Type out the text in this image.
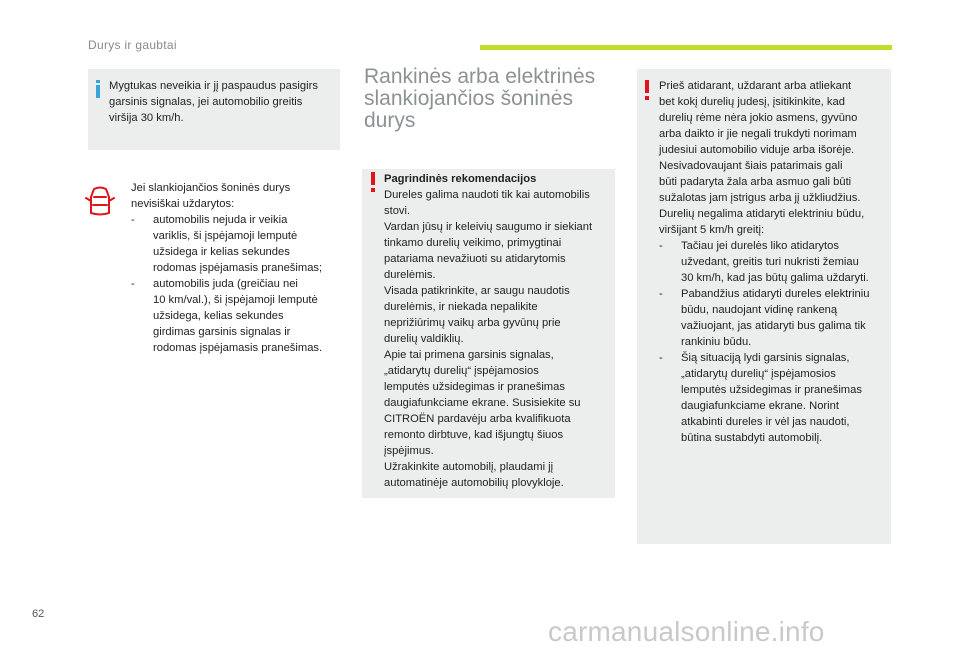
Durys ir gaubtai

Mygtukas neveikia ir jį paspaudus pasigirs

garsinis signalas, jei automobilio greitis

viršija 30 km/h.

Jei slankiojančios šoninės durys

nevisiškai uždarytos:

- automobilis nejuda ir veikia

variklis, ši įspėjamoji lemputė

užsidega ir kelias sekundes

rodomas įspėjamasis pranešimas;

- automobilis juda (greičiau nei

10 km/val.), ši įspėjamoji lemputė

užsidega, kelias sekundes

girdimas garsinis signalas ir

rodomas įspėjamasis pranešimas.

Rankinės arba elektrinės
slankiojančios šoninės
durys

Pagrindinės rekomendacijos

Dureles galima naudoti tik kai automobilis

stovi.

Vardan jūsų ir keleivių saugumo ir siekiant

tinkamo durelių veikimo, primygtinai

patariama nevažiuoti su atidarytomis

durelėmis.

Visada patikrinkite, ar saugu naudotis

durelėmis, ir niekada nepalikite

neprižiūrimų vaikų arba gyvūnų prie

durelių valdiklių.

Apie tai primena garsinis signalas,

„atidarytų durelių“ įspėjamosios

lemputės užsidegimas ir pranešimas

daugiafunkciame ekrane. Susisiekite su

CITROËN pardavėju arba kvalifikuota

remonto dirbtuve, kad išjungtų šiuos

įspėjimus.

Užrakinkite automobilį, plaudami jį

automatinėje automobilių plovykloje.

Prieš atidarant, uždarant arba atliekant

bet kokį durelių judesį, įsitikinkite, kad

durelių rėme nėra jokio asmens, gyvūno

arba daikto ir jie negali trukdyti norimam

judesiui automobilio viduje arba išorėje.

Nesivadovaujant šiais patarimais gali

būti padaryta žala arba asmuo gali būti

sužalotas jam įstrigus arba jį užkliudžius.

Durelių negalima atidaryti elektriniu būdu,

viršijant 5 km/h greitį:

- Tačiau jei durelės liko atidarytos

užvedant, greitis turi nukristi žemiau

30 km/h, kad jas būtų galima uždaryti.

- Pabandžius atidaryti dureles elektriniu

būdu, naudojant vidinę rankeną

važiuojant, jas atidaryti bus galima tik

rankiniu būdu.

- Šią situaciją lydi garsinis signalas,

„atidarytų durelių“ įspėjamosios

lemputės užsidegimas ir pranešimas

daugiafunkciame ekrane. Norint

atkabinti dureles ir vėl jas naudoti,

būtina sustabdyti automobilį.

62
carmanualsonline.info
